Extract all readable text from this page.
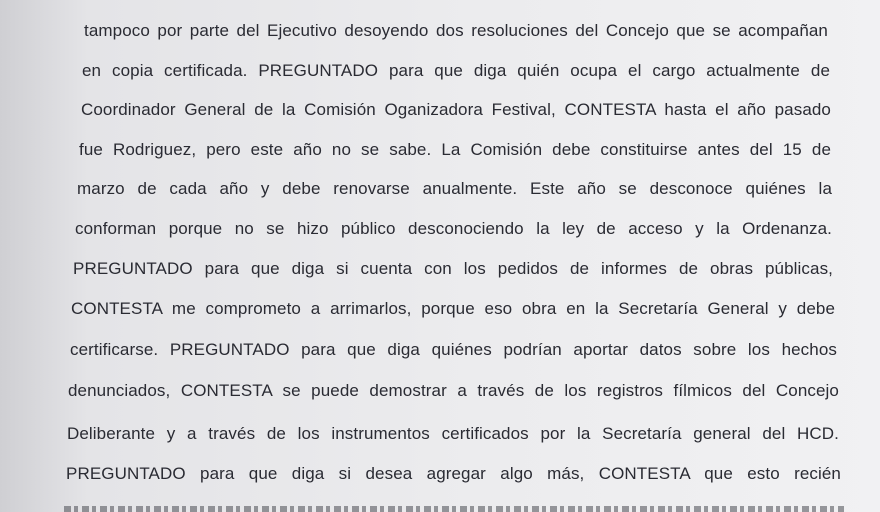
tampoco por parte del Ejecutivo desoyendo dos resoluciones del Concejo que se acompañan
en copia certificada. PREGUNTADO para que diga quién ocupa el cargo actualmente de
Coordinador General de la Comisión Oganizadora Festival, CONTESTA hasta el año pasado
fue Rodriguez, pero este año no se sabe. La Comisión debe constituirse antes del 15 de
marzo de cada año y debe renovarse anualmente. Este año se desconoce quiénes la
conforman porque no se hizo público desconociendo la ley de acceso y la Ordenanza.
PREGUNTADO para que diga si cuenta con los pedidos de informes de obras públicas,
CONTESTA me comprometo a arrimarlos, porque eso obra en la Secretaría General y debe
certificarse. PREGUNTADO para que diga quiénes podrían aportar datos sobre los hechos
denunciados, CONTESTA se puede demostrar a través de los registros fílmicos del Concejo
Deliberante y a través de los instrumentos certificados por la Secretaría general del HCD.
PREGUNTADO para que diga si desea agregar algo más, CONTESTA que esto recién
